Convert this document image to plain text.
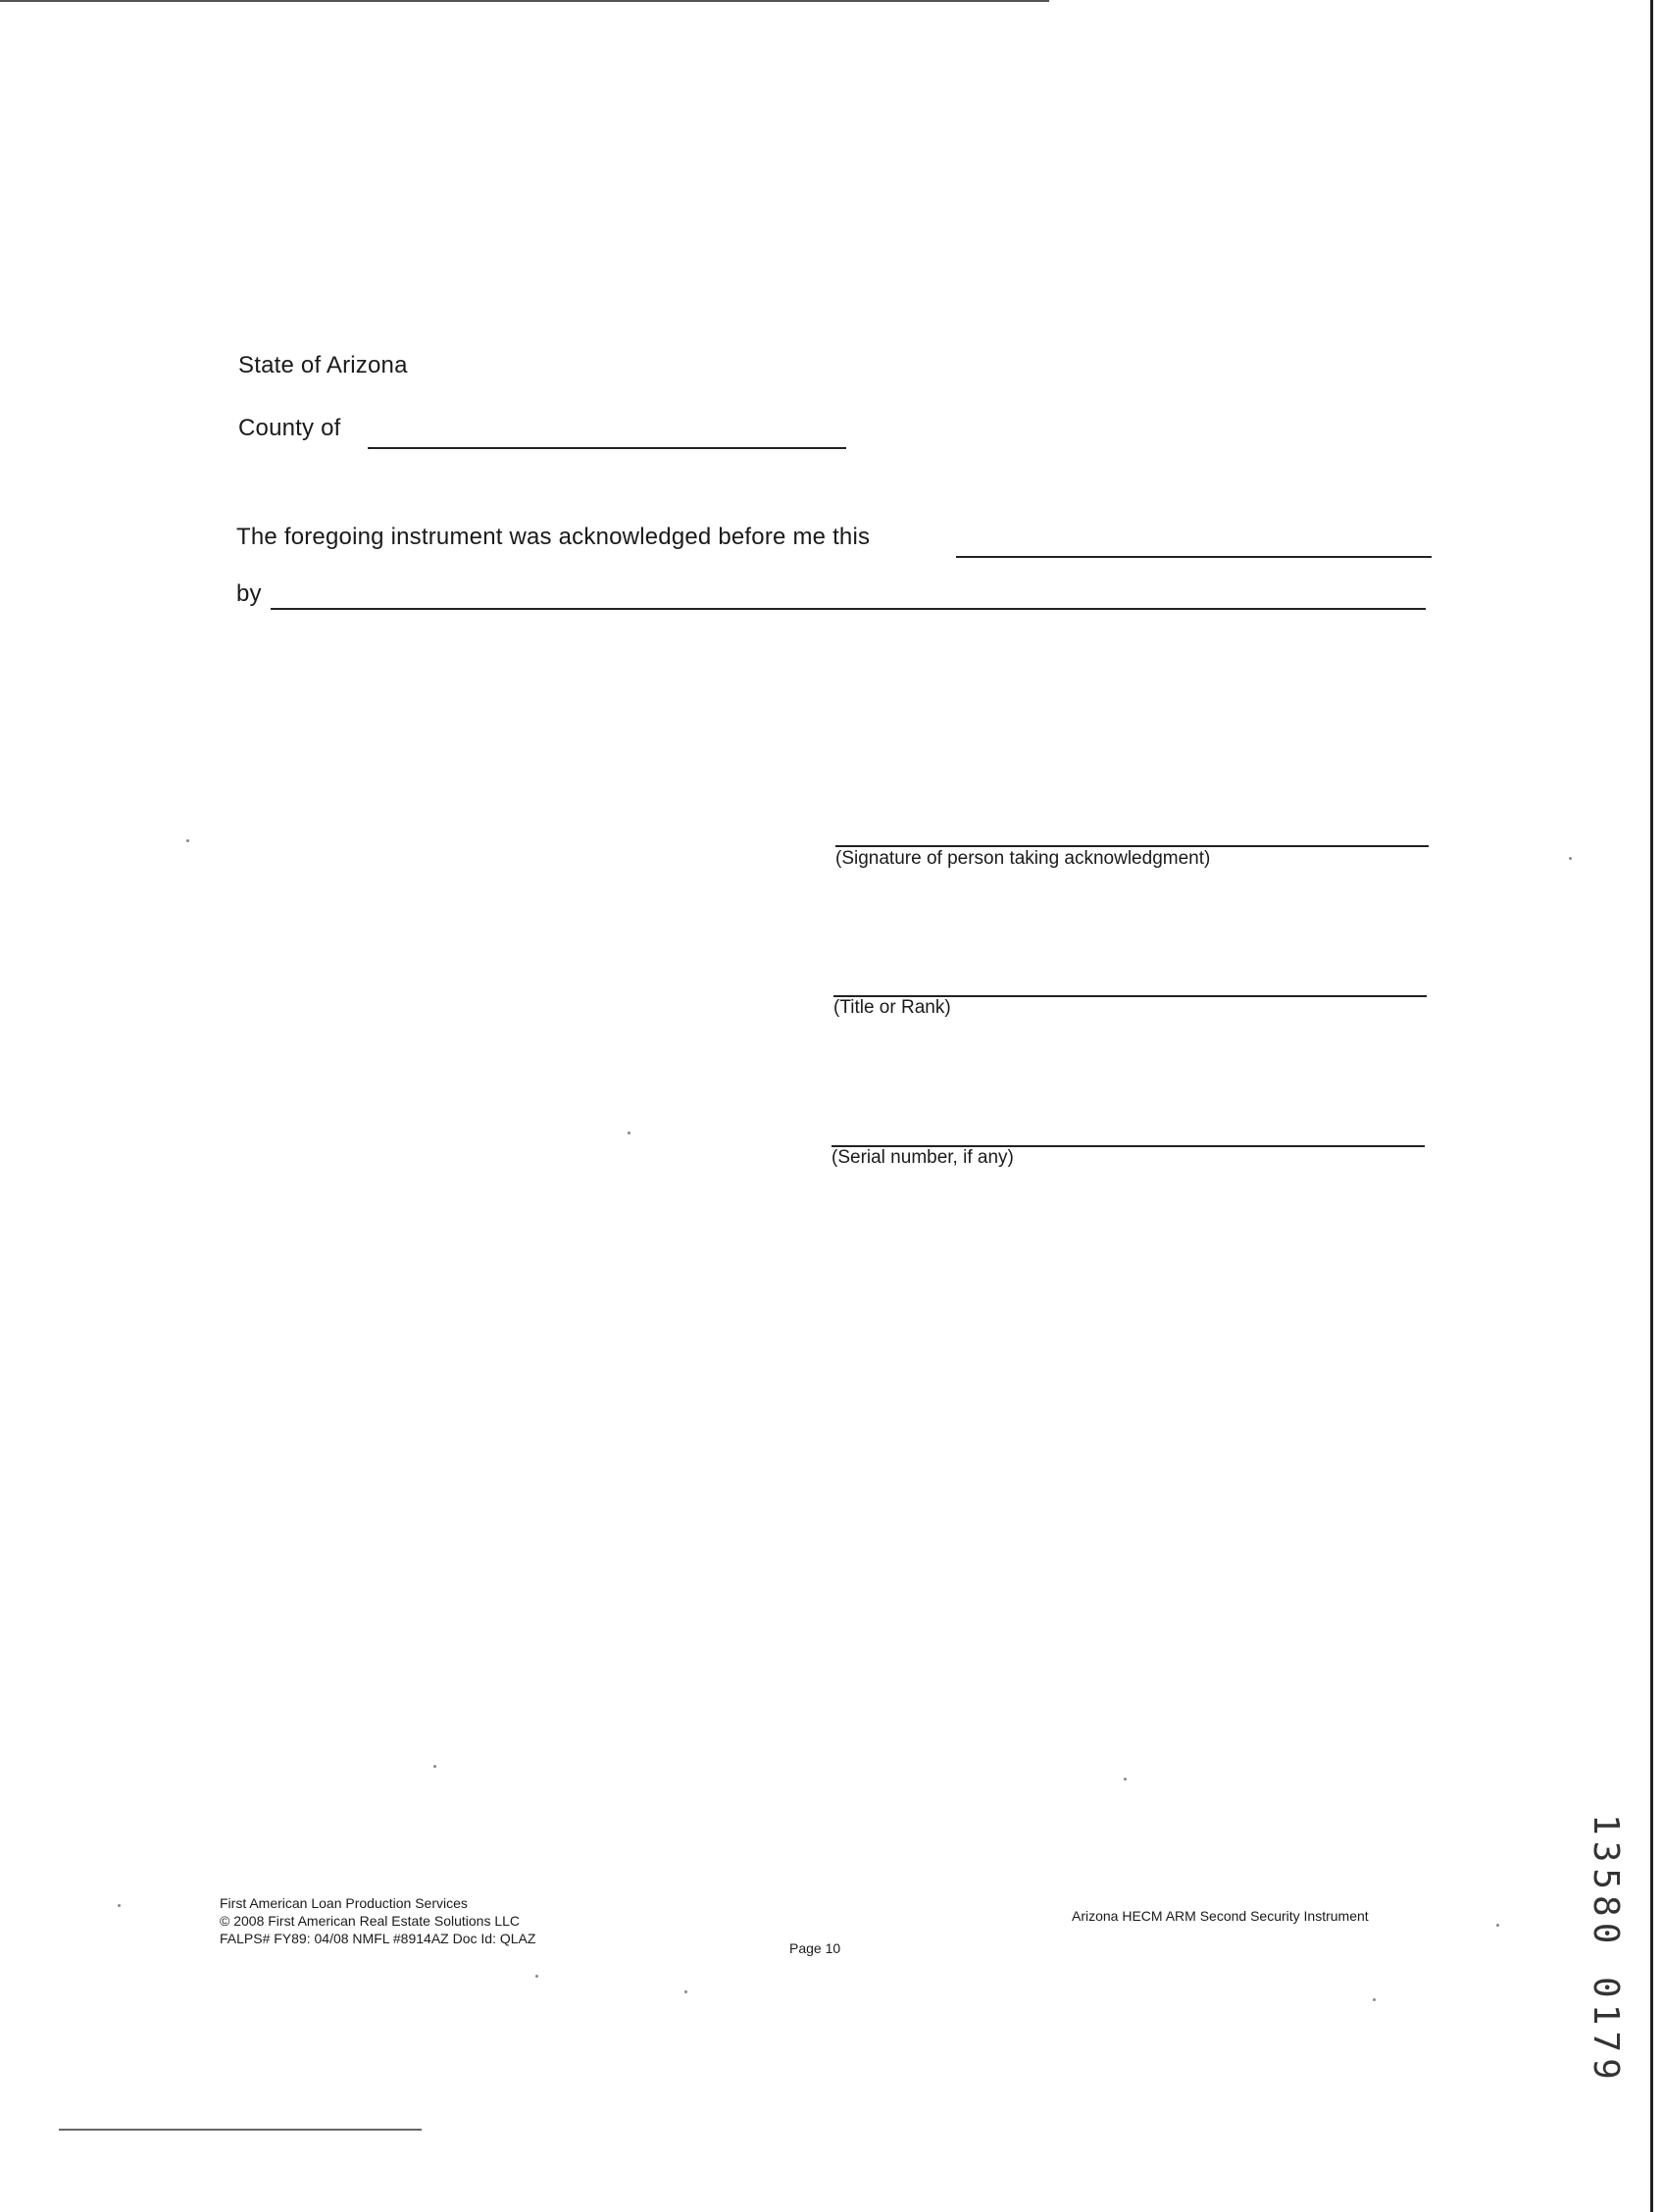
State of Arizona
County of
The foregoing instrument was acknowledged before me this
by
(Signature of person taking acknowledgment)
(Title or Rank)
(Serial number, if any)
13580 0179
First American Loan Production Services
© 2008 First American Real Estate Solutions LLC
FALPS# FY89: 04/08 NMFL #8914AZ Doc Id: QLAZ
Page 10
Arizona HECM ARM Second Security Instrument
